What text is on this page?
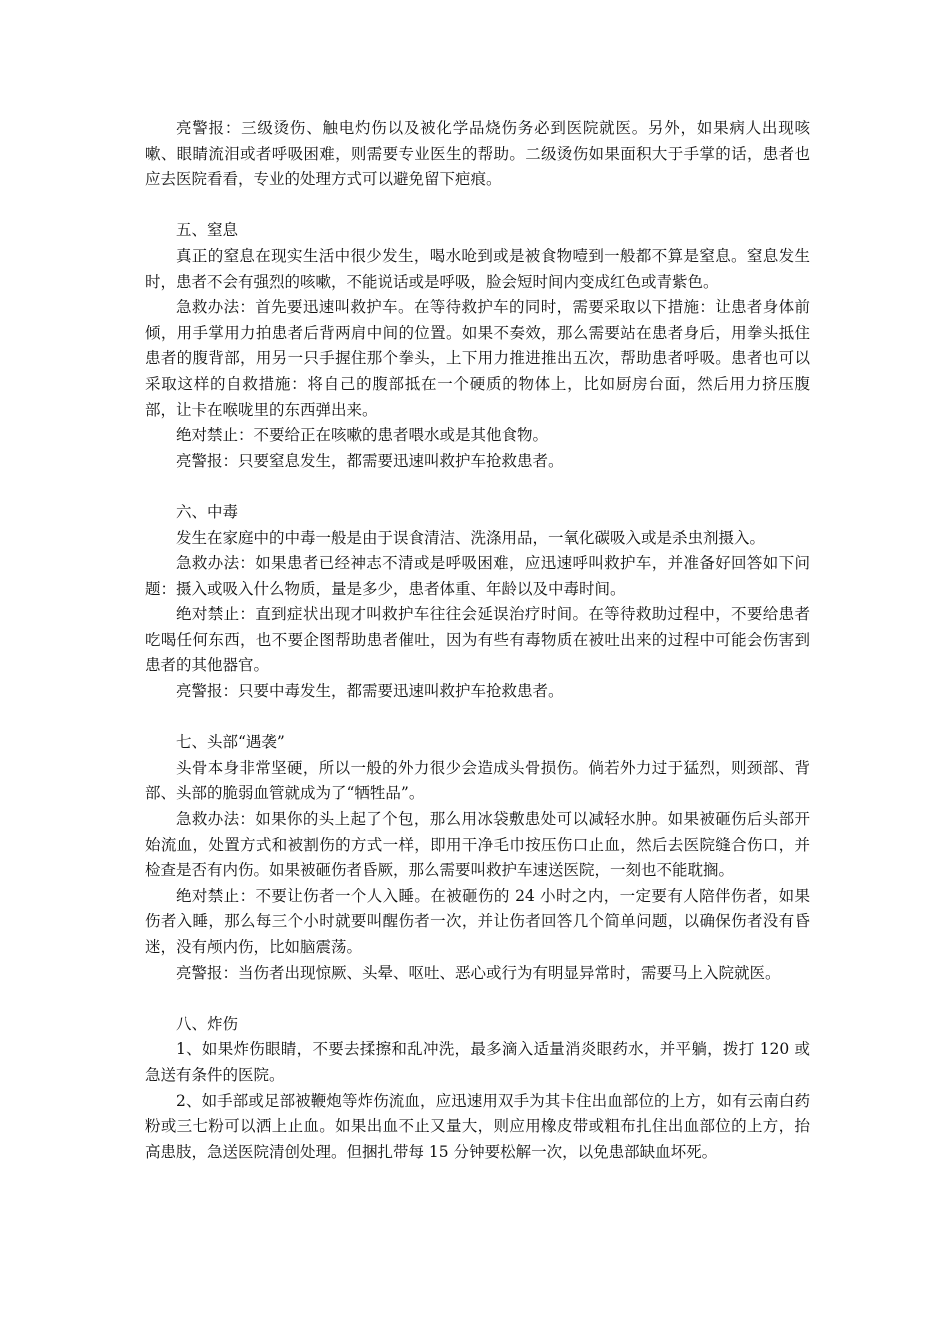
亮警报：三级烫伤、触电灼伤以及被化学品烧伤务必到医院就医。另外，如果病人出现咳嗽、眼睛流泪或者呼吸困难，则需要专业医生的帮助。二级烫伤如果面积大于手掌的话，患者也应去医院看看，专业的处理方式可以避免留下疤痕。

五、窒息

真正的窒息在现实生活中很少发生，喝水呛到或是被食物噎到一般都不算是窒息。窒息发生时，患者不会有强烈的咳嗽，不能说话或是呼吸，脸会短时间内变成红色或青紫色。

急救办法：首先要迅速叫救护车。在等待救护车的同时，需要采取以下措施：让患者身体前倾，用手掌用力拍患者后背两肩中间的位置。如果不奏效，那么需要站在患者身后，用拳头抵住患者的腹背部，用另一只手握住那个拳头，上下用力推进推出五次，帮助患者呼吸。患者也可以采取这样的自救措施：将自己的腹部抵在一个硬质的物体上，比如厨房台面，然后用力挤压腹部，让卡在喉咙里的东西弹出来。

绝对禁止：不要给正在咳嗽的患者喂水或是其他食物。

亮警报：只要窒息发生，都需要迅速叫救护车抢救患者。

六、中毒

发生在家庭中的中毒一般是由于误食清洁、洗涤用品，一氧化碳吸入或是杀虫剂摄入。

急救办法：如果患者已经神志不清或是呼吸困难，应迅速呼叫救护车，并准备好回答如下问题：摄入或吸入什么物质，量是多少，患者体重、年龄以及中毒时间。

绝对禁止：直到症状出现才叫救护车往往会延误治疗时间。在等待救助过程中，不要给患者吃喝任何东西，也不要企图帮助患者催吐，因为有些有毒物质在被吐出来的过程中可能会伤害到患者的其他器官。

亮警报：只要中毒发生，都需要迅速叫救护车抢救患者。

七、头部“遇袭”

头骨本身非常坚硬，所以一般的外力很少会造成头骨损伤。倘若外力过于猛烈，则颈部、背部、头部的脆弱血管就成为了“牺牲品”。

急救办法：如果你的头上起了个包，那么用冰袋敷患处可以减轻水肿。如果被砸伤后头部开始流血，处置方式和被割伤的方式一样，即用干净毛巾按压伤口止血，然后去医院缝合伤口，并检查是否有内伤。如果被砸伤者昏厥，那么需要叫救护车速送医院，一刻也不能耽搁。

绝对禁止：不要让伤者一个人入睡。在被砸伤的 24 小时之内，一定要有人陪伴伤者，如果伤者入睡，那么每三个小时就要叫醒伤者一次，并让伤者回答几个简单问题，以确保伤者没有昏迷，没有颅内伤，比如脑震荡。

亮警报：当伤者出现惊厥、头晕、呕吐、恶心或行为有明显异常时，需要马上入院就医。

八、炸伤

1、如果炸伤眼睛，不要去揉擦和乱冲洗，最多滴入适量消炎眼药水，并平躺，拨打 120 或急送有条件的医院。

2、如手部或足部被鞭炮等炸伤流血，应迅速用双手为其卡住出血部位的上方，如有云南白药粉或三七粉可以洒上止血。如果出血不止又量大，则应用橡皮带或粗布扎住出血部位的上方，抬高患肢，急送医院清创处理。但捆扎带每 15 分钟要松解一次，以免患部缺血坏死。
